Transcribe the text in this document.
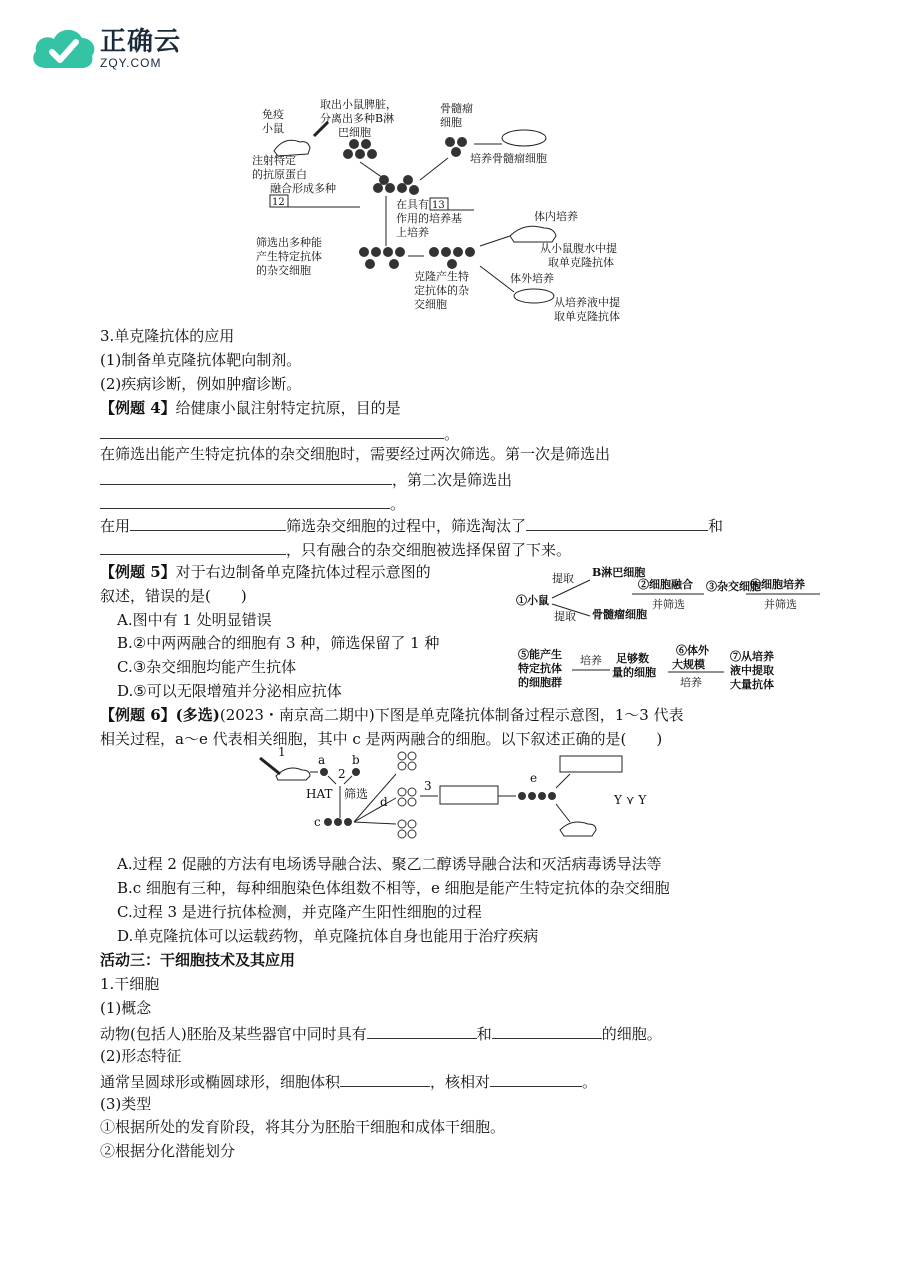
正确云
ZQY.COM
免疫
小鼠
注射特定
的抗原蛋白
取出小鼠脾脏，
分离出多种B淋
巴细胞
骨髓瘤
细胞
培养骨髓瘤细胞
融合形成多种
12	在具有 13
作用的培养基
上培养
筛选出多种能
产生特定抗体
的杂交细胞	克隆产生特
定抗体的杂
交细胞
体内培养
从小鼠腹水中提
取单克隆抗体
体外培养
从培养液中提
取单克隆抗体
3.单克隆抗体的应用
(1)制备单克隆抗体靶向制剂。
(2)疾病诊断，例如肿瘤诊断。
【例题 4】给健康小鼠注射特定抗原，目的是
。
在筛选出能产生特定抗体的杂交细胞时，需要经过两次筛选。第一次是筛选出
，第二次是筛选出
。
在用	筛选杂交细胞的过程中，筛选淘汰了	和
，只有融合的杂交细胞被选择保留了下来。
【例题 5】对于右边制备单克隆抗体过程示意图的
叙述，错误的是(　　)
A.图中有 1 处明显错误
B.②中两两融合的细胞有 3 种，筛选保留了 1 种
C.③杂交细胞均能产生抗体
D.⑤可以无限增殖并分泌相应抗体
①小鼠
提取
提取
B淋巴细胞
骨髓瘤细胞
②细胞融合
并筛选
③杂交细胞
④细胞培养
并筛选
⑤能产生
特定抗体
的细胞群
培养 足够数
量的细胞
⑥体外
大规模
培养
⑦从培养
液中提取
大量抗体
【例题 6】(多选)(2023・南京高二期中)下图是单克隆抗体制备过程示意图，1～3 代表
相关过程，a～e 代表相关细胞，其中 c 是两两融合的细胞。以下叙述正确的是(　　)
1
a
2
b
HAT 筛选
c
d
3
e
Y ⋎ Y
A.过程 2 促融的方法有电场诱导融合法、聚乙二醇诱导融合法和灭活病毒诱导法等
B.c 细胞有三种，每种细胞染色体组数不相等，e 细胞是能产生特定抗体的杂交细胞
C.过程 3 是进行抗体检测，并克隆产生阳性细胞的过程
D.单克隆抗体可以运载药物，单克隆抗体自身也能用于治疗疾病
活动三：干细胞技术及其应用
1.干细胞
(1)概念
动物(包括人)胚胎及某些器官中同时具有	和	的细胞。
(2)形态特征
通常呈圆球形或椭圆球形，细胞体积	，核相对	。
(3)类型
①根据所处的发育阶段，将其分为胚胎干细胞和成体干细胞。
②根据分化潜能划分
